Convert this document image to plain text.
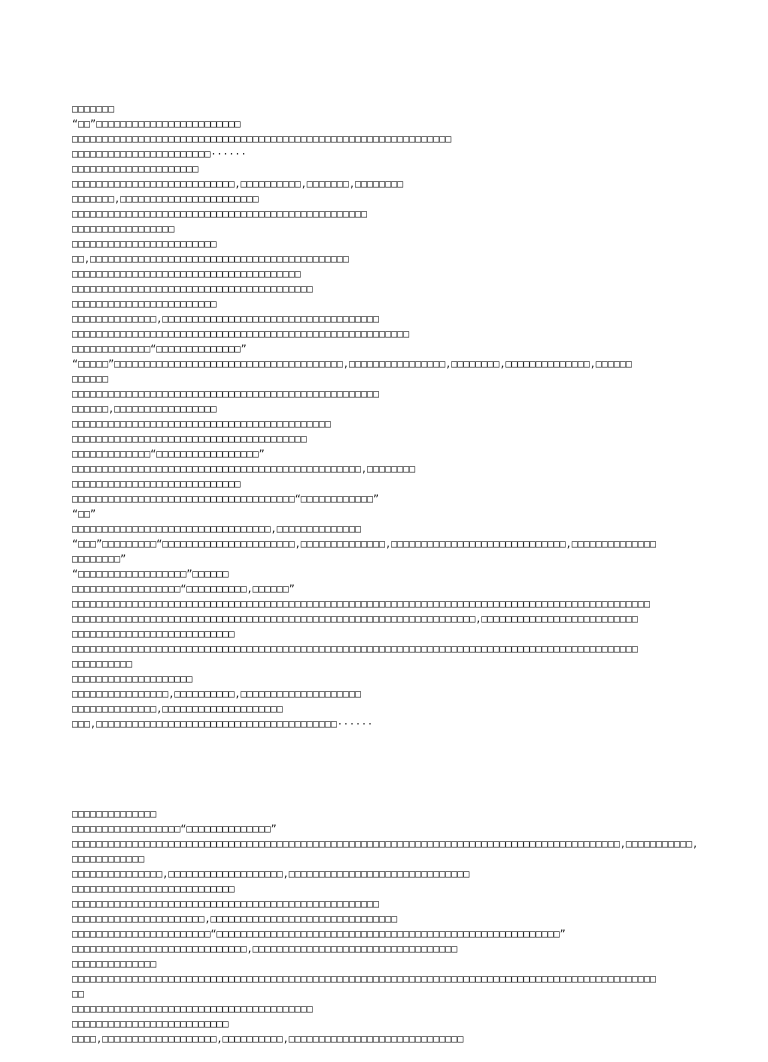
□□□□□□□
“□□”□□□□□□□□□□□□□□□□□□□□□□□□
□□□□□□□□□□□□□□□□□□□□□□□□□□□□□□□□□□□□□□□□□□□□□□□□□□□□□□□□□□□□□□□
□□□□□□□□□□□□□□□□□□□□□□□······
□□□□□□□□□□□□□□□□□□□□□
□□□□□□□□□□□□□□□□□□□□□□□□□□□,□□□□□□□□□□,□□□□□□□,□□□□□□□□
□□□□□□□,□□□□□□□□□□□□□□□□□□□□□□□
□□□□□□□□□□□□□□□□□□□□□□□□□□□□□□□□□□□□□□□□□□□□□□□□□
□□□□□□□□□□□□□□□□□
□□□□□□□□□□□□□□□□□□□□□□□□
□□,□□□□□□□□□□□□□□□□□□□□□□□□□□□□□□□□□□□□□□□□□□□
□□□□□□□□□□□□□□□□□□□□□□□□□□□□□□□□□□□□□□
□□□□□□□□□□□□□□□□□□□□□□□□□□□□□□□□□□□□□□□□
□□□□□□□□□□□□□□□□□□□□□□□□
□□□□□□□□□□□□□□,□□□□□□□□□□□□□□□□□□□□□□□□□□□□□□□□□□□□
□□□□□□□□□□□□□□□□□□□□□□□□□□□□□□□□□□□□□□□□□□□□□□□□□□□□□□□□
□□□□□□□□□□□□□“□□□□□□□□□□□□□□”
“□□□□□”□□□□□□□□□□□□□□□□□□□□□□□□□□□□□□□□□□□□□□,□□□□□□□□□□□□□□□□,□□□□□□□□,□□□□□□□□□□□□□□,□□□□□□
□□□□□□
□□□□□□□□□□□□□□□□□□□□□□□□□□□□□□□□□□□□□□□□□□□□□□□□□□□
□□□□□□,□□□□□□□□□□□□□□□□□
□□□□□□□□□□□□□□□□□□□□□□□□□□□□□□□□□□□□□□□□□□□
□□□□□□□□□□□□□□□□□□□□□□□□□□□□□□□□□□□□□□□
□□□□□□□□□□□□□“□□□□□□□□□□□□□□□□□”
□□□□□□□□□□□□□□□□□□□□□□□□□□□□□□□□□□□□□□□□□□□□□□□□,□□□□□□□□
□□□□□□□□□□□□□□□□□□□□□□□□□□□□
□□□□□□□□□□□□□□□□□□□□□□□□□□□□□□□□□□□□□“□□□□□□□□□□□□”
“□□”
□□□□□□□□□□□□□□□□□□□□□□□□□□□□□□□□□,□□□□□□□□□□□□□□
“□□□”□□□□□□□□□“□□□□□□□□□□□□□□□□□□□□□□,□□□□□□□□□□□□□□,□□□□□□□□□□□□□□□□□□□□□□□□□□□□□,□□□□□□□□□□□□□□
□□□□□□□□”
“□□□□□□□□□□□□□□□□□□”□□□□□□
□□□□□□□□□□□□□□□□□□“□□□□□□□□□□,□□□□□□”
□□□□□□□□□□□□□□□□□□□□□□□□□□□□□□□□□□□□□□□□□□□□□□□□□□□□□□□□□□□□□□□□□□□□□□□□□□□□□□□□□□□□□□□□□□□□□□□□
□□□□□□□□□□□□□□□□□□□□□□□□□□□□□□□□□□□□□□□□□□□□□□□□□□□□□□□□□□□□□□□□□□□,□□□□□□□□□□□□□□□□□□□□□□□□□□
□□□□□□□□□□□□□□□□□□□□□□□□□□□
□□□□□□□□□□□□□□□□□□□□□□□□□□□□□□□□□□□□□□□□□□□□□□□□□□□□□□□□□□□□□□□□□□□□□□□□□□□□□□□□□□□□□□□□□□□□□□
□□□□□□□□□□
□□□□□□□□□□□□□□□□□□□□
□□□□□□□□□□□□□□□□,□□□□□□□□□□,□□□□□□□□□□□□□□□□□□□□
□□□□□□□□□□□□□□,□□□□□□□□□□□□□□□□□□□□
□□□,□□□□□□□□□□□□□□□□□□□□□□□□□□□□□□□□□□□□□□□□······

□□□□□□□□□□□□□□
□□□□□□□□□□□□□□□□□□“□□□□□□□□□□□□□□”
□□□□□□□□□□□□□□□□□□□□□□□□□□□□□□□□□□□□□□□□□□□□□□□□□□□□□□□□□□□□□□□□□□□□□□□□□□□□□□□□□□□□□□□□□□□,□□□□□□□□□□□,
□□□□□□□□□□□□
□□□□□□□□□□□□□□□,□□□□□□□□□□□□□□□□□□□,□□□□□□□□□□□□□□□□□□□□□□□□□□□□□□
□□□□□□□□□□□□□□□□□□□□□□□□□□□
□□□□□□□□□□□□□□□□□□□□□□□□□□□□□□□□□□□□□□□□□□□□□□□□□□□
□□□□□□□□□□□□□□□□□□□□□□,□□□□□□□□□□□□□□□□□□□□□□□□□□□□□□□
□□□□□□□□□□□□□□□□□□□□□□□“□□□□□□□□□□□□□□□□□□□□□□□□□□□□□□□□□□□□□□□□□□□□□□□□□□□□□□□□□”
□□□□□□□□□□□□□□□□□□□□□□□□□□□□□,□□□□□□□□□□□□□□□□□□□□□□□□□□□□□□□□□□
□□□□□□□□□□□□□□
□□□□□□□□□□□□□□□□□□□□□□□□□□□□□□□□□□□□□□□□□□□□□□□□□□□□□□□□□□□□□□□□□□□□□□□□□□□□□□□□□□□□□□□□□□□□□□□□□
□□
□□□□□□□□□□□□□□□□□□□□□□□□□□□□□□□□□□□□□□□□
□□□□□□□□□□□□□□□□□□□□□□□□□□
□□□□,□□□□□□□□□□□□□□□□□□□,□□□□□□□□□□,□□□□□□□□□□□□□□□□□□□□□□□□□□□□□
